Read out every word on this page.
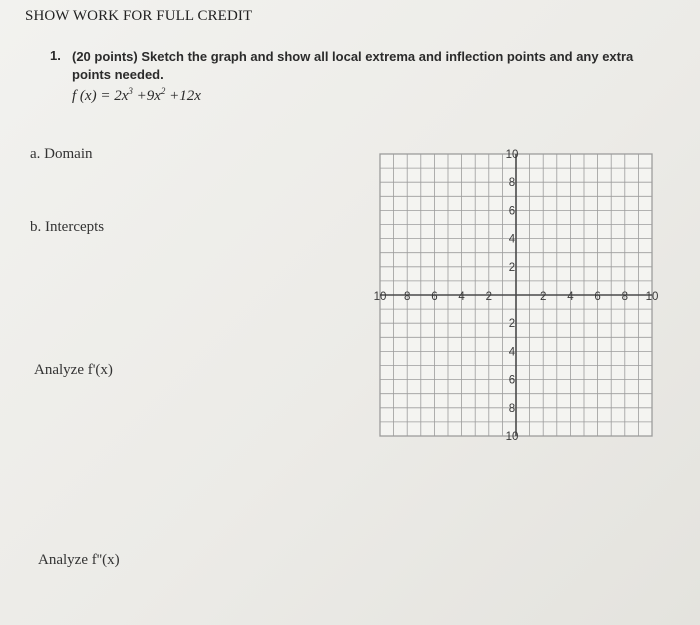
SHOW WORK FOR FULL CREDIT
1. (20 points) Sketch the graph and show all local extrema and inflection points and any extra points needed.
f $(x) = 2x^3 +9x^2 +12x$
a. Domain
b. Intercepts
Analyze f'(x)
Analyze f''(x)
10 8 6 4 2	2 4 6 8 10
10
8
6
4
2
2
4
6
8
10
